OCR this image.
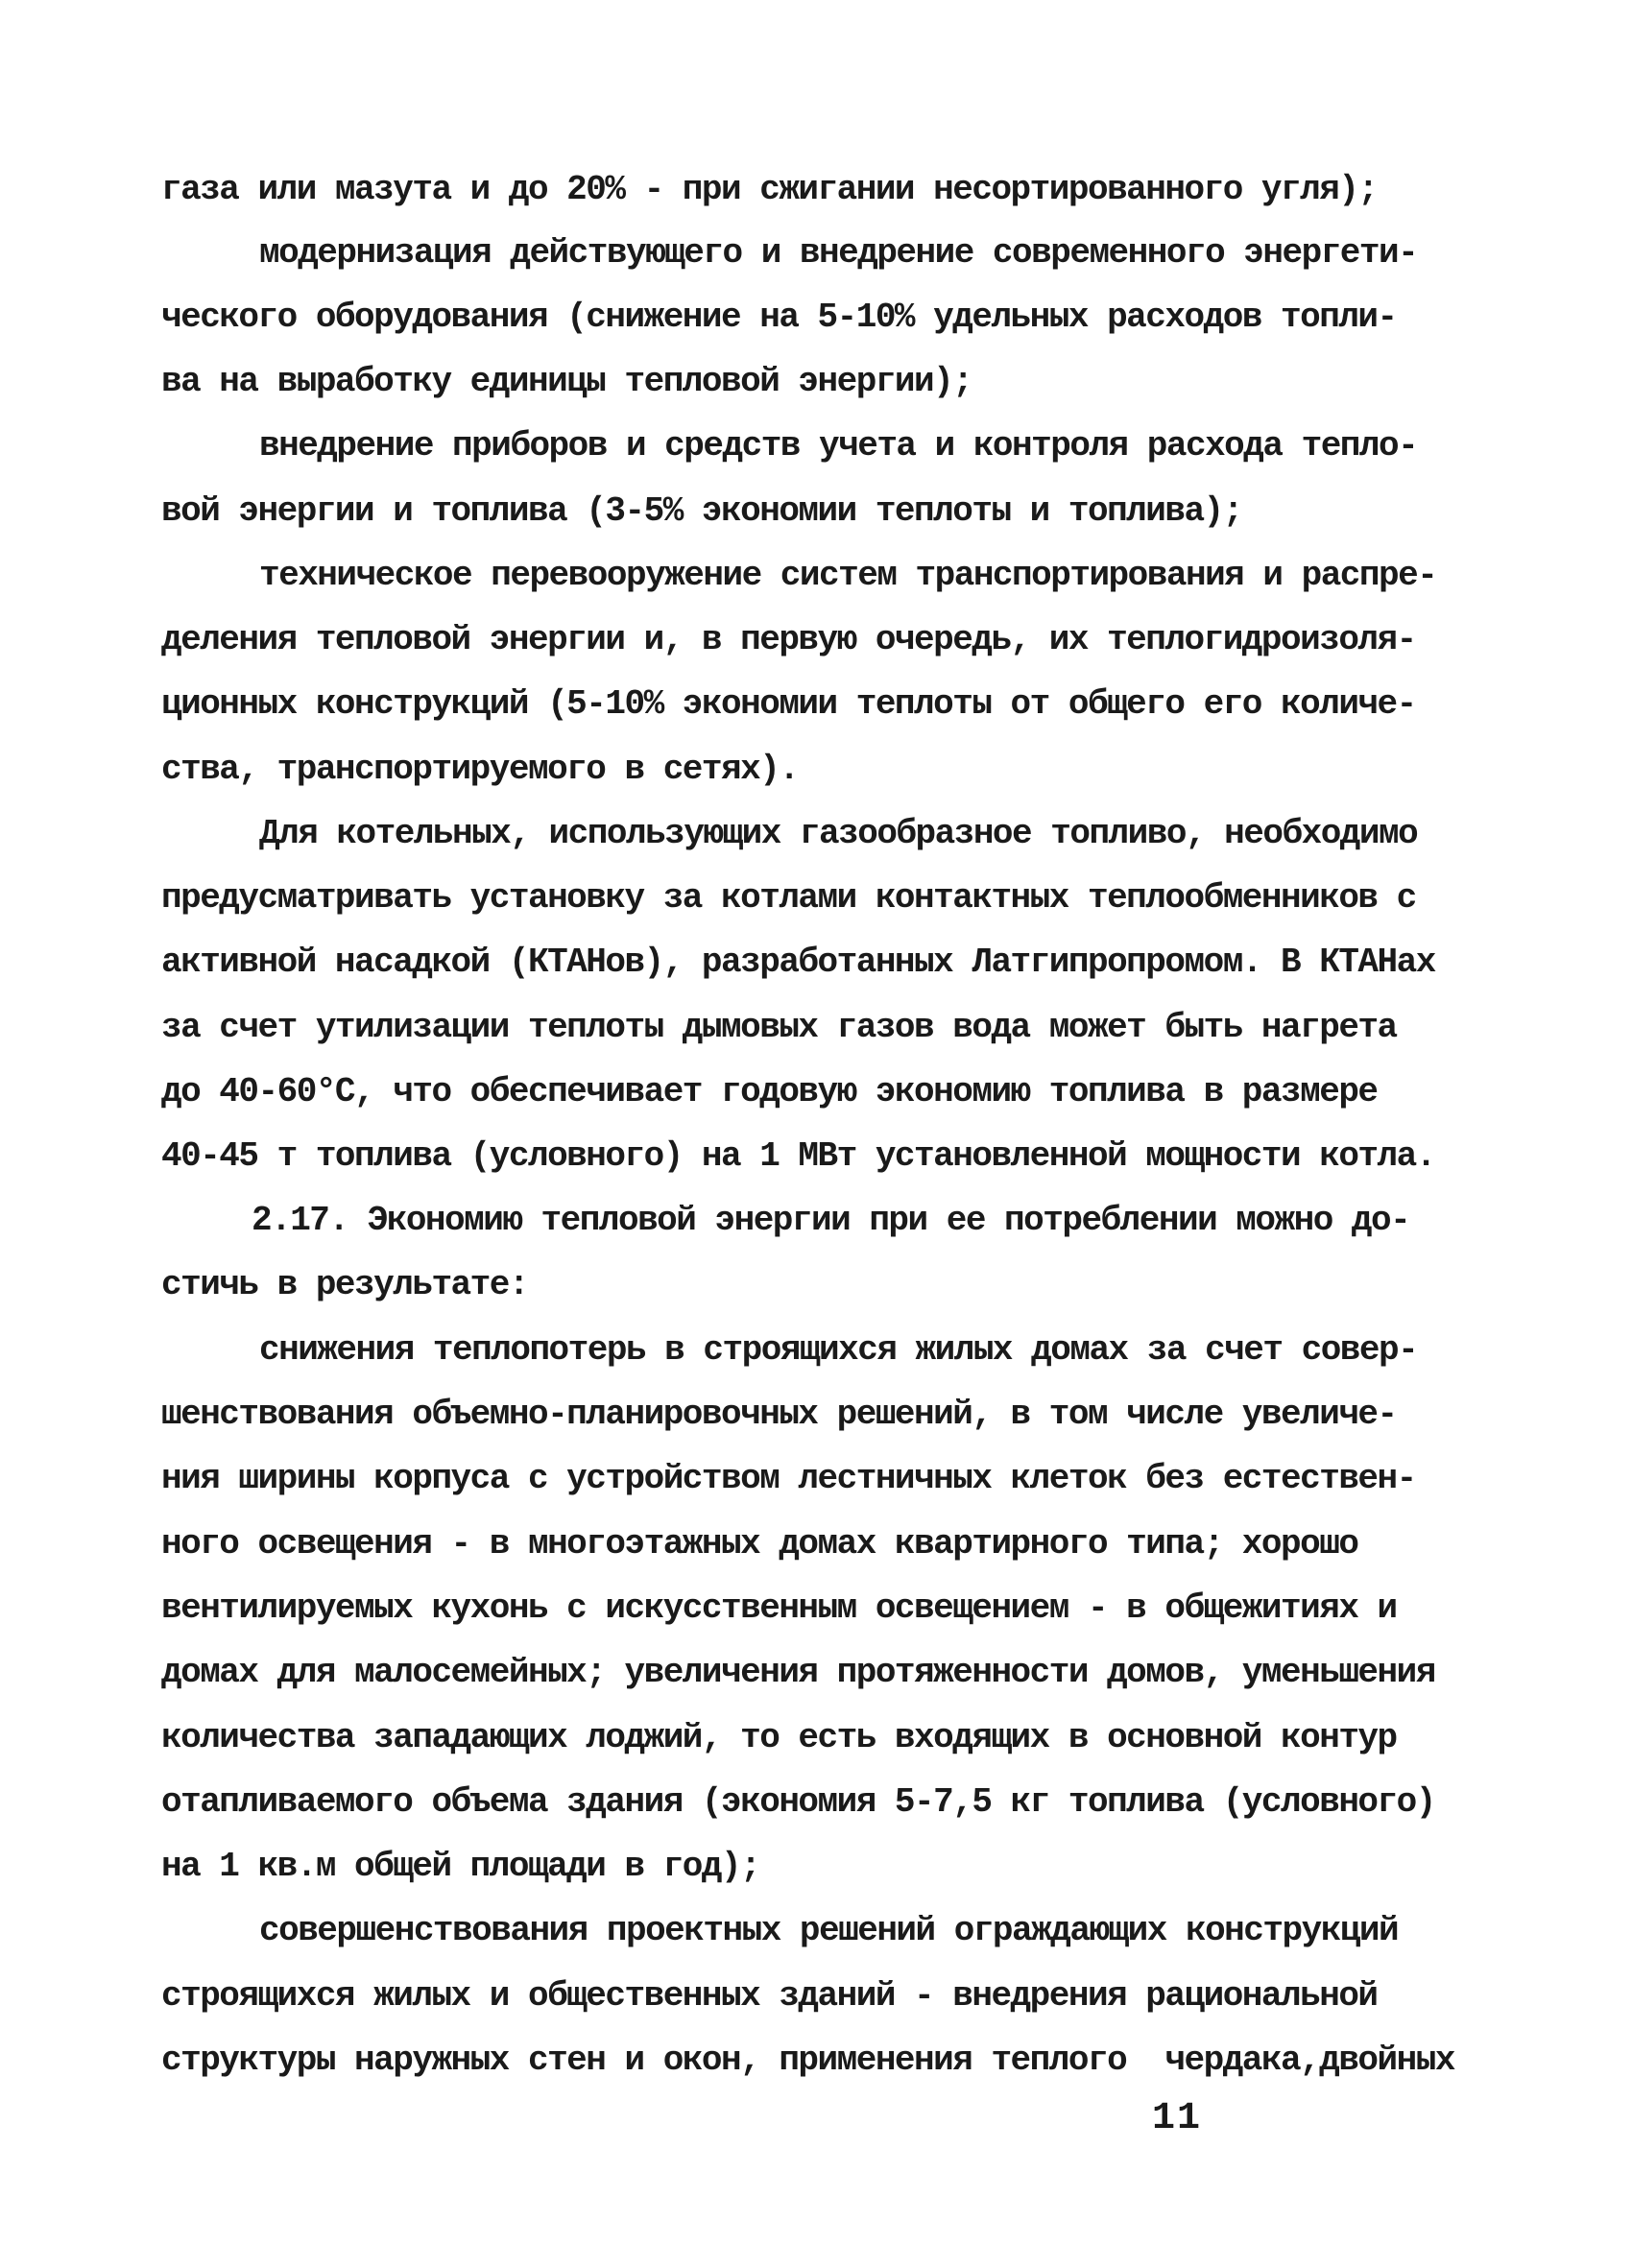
газа или мазута и до 20% - при сжигании несортированного угля);
модернизация действующего и внедрение современного энергети-
ческого оборудования (снижение на 5-10% удельных расходов топли-
ва на выработку единицы тепловой энергии);
внедрение приборов и средств учета и контроля расхода тепло-
вой энергии и топлива (3-5% экономии теплоты и топлива);
техническое перевооружение систем транспортирования и распре-
деления тепловой энергии и, в первую очередь, их теплогидроизоля-
ционных конструкций (5-10% экономии теплоты от общего его количе-
ства, транспортируемого в сетях).
Для котельных, использующих газообразное топливо, необходимо
предусматривать установку за котлами контактных теплообменников с
активной насадкой (КТАНов), разработанных Латгипропромом. В КТАНах
за счет утилизации теплоты дымовых газов вода может быть нагрета
до 40-60°С, что обеспечивает годовую экономию топлива в размере
40-45 т топлива (условного) на 1 МВт установленной мощности котла.
2.17. Экономию тепловой энергии при ее потреблении можно до-
стичь в результате:
снижения теплопотерь в строящихся жилых домах за счет совер-
шенствования объемно-планировочных решений, в том числе увеличе-
ния ширины корпуса с устройством лестничных клеток без естествен-
ного освещения - в многоэтажных домах квартирного типа; хорошо
вентилируемых кухонь с искусственным освещением - в общежитиях и
домах для малосемейных; увеличения протяженности домов, уменьшения
количества западающих лоджий, то есть входящих в основной контур
отапливаемого объема здания (экономия 5-7,5 кг топлива (условного)
на 1 кв.м общей площади в год);
совершенствования проектных решений ограждающих конструкций
строящихся жилых и общественных зданий - внедрения рациональной
структуры наружных стен и окон, применения теплого  чердака,двойных
11
